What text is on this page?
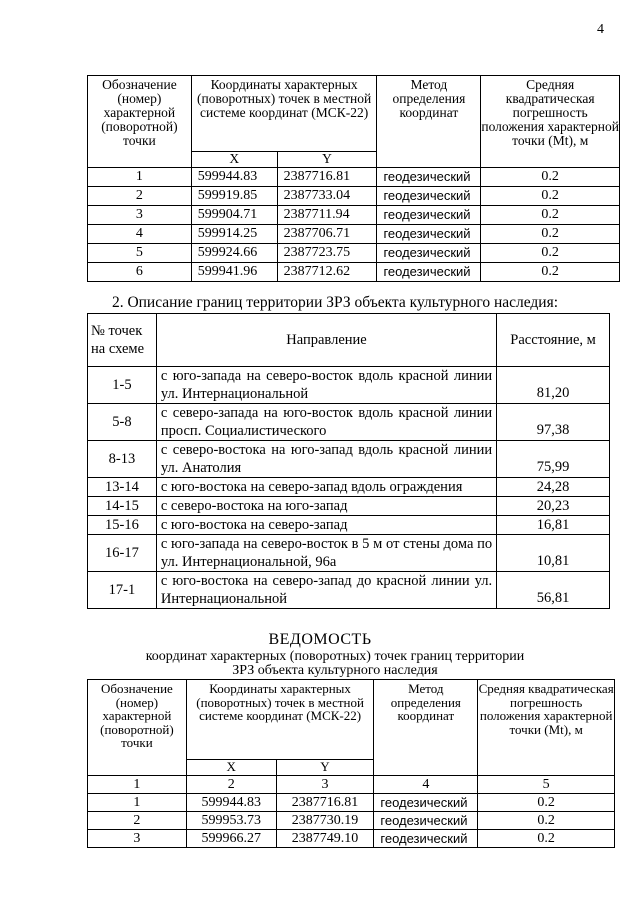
4
Обозначение (номер) характерной (поворотной) точки	Координаты характерных (поворотных) точек в местной системе координат (МСК-22)		Метод определения координат	Средняя квадратическая погрешность положения характерной точки (Mt), м
	X	Y		
1	599944.83	2387716.81	геодезический	0.2
2	599919.85	2387733.04	геодезический	0.2
3	599904.71	2387711.94	геодезический	0.2
4	599914.25	2387706.71	геодезический	0.2
5	599924.66	2387723.75	геодезический	0.2
6	599941.96	2387712.62	геодезический	0.2
2. Описание границ территории ЗРЗ объекта культурного наследия:
№ точек на схеме	Направление	Расстояние, м
1-5	с юго-запада на северо-восток вдоль красной линии ул. Интернациональной	81,20
5-8	с северо-запада на юго-восток вдоль красной линии просп. Социалистического	97,38
8-13	с северо-востока на юго-запад вдоль красной линии ул. Анатолия	75,99
13-14	с юго-востока на северо-запад вдоль ограждения	24,28
14-15	с северо-востока на юго-запад	20,23
15-16	с юго-востока на северо-запад	16,81
16-17	с юго-запада на северо-восток в 5 м от стены дома по ул. Интернациональной, 96а	10,81
17-1	с юго-востока на северо-запад до красной линии ул. Интернациональной	56,81
ВЕДОМОСТЬ
координат характерных (поворотных) точек границ территории
ЗРЗ объекта культурного наследия
Обозначение (номер) характерной (поворотной) точки	Координаты характерных (поворотных) точек в местной системе координат (МСК-22)		Метод определения координат	Средняя квадратическая погрешность положения характерной точки (Mt), м
	X	Y		
1	2	3	4	5
1	599944.83	2387716.81	геодезический	0.2
2	599953.73	2387730.19	геодезический	0.2
3	599966.27	2387749.10	геодезический	0.2
